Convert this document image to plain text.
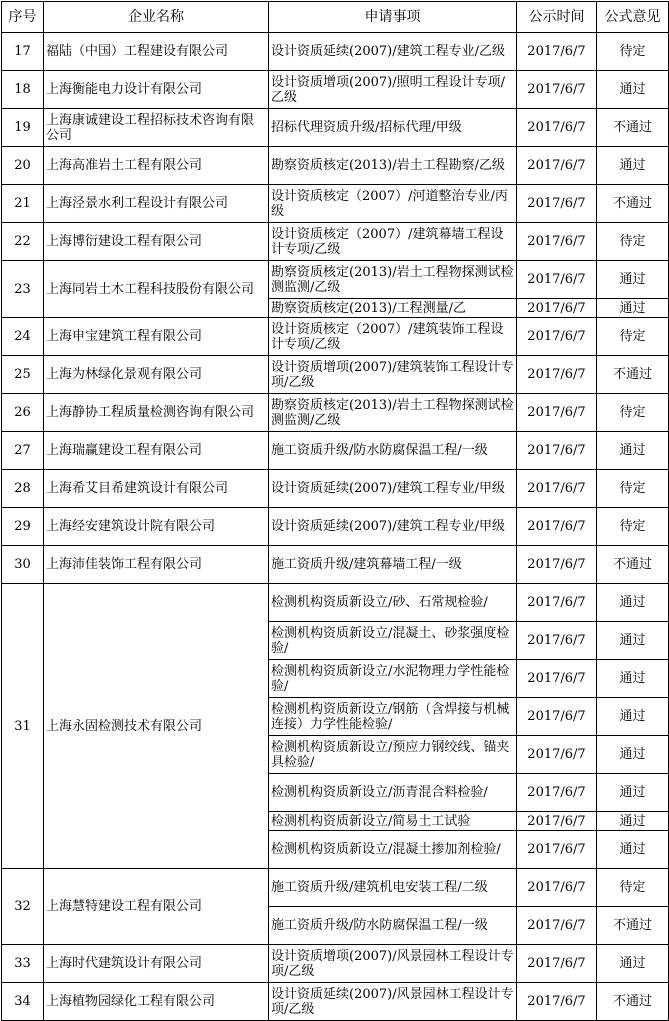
序号	企业名称	申请事项	公示时间	公式意见
17	福陆（中国）工程建设有限公司	设计资质延续(2007)/建筑工程专业/乙级	2017/6/7	待定
18	上海衡能电力设计有限公司	设计资质增项(2007)/照明工程设计专项/乙级	2017/6/7	通过
19	上海康诚建设工程招标技术咨询有限公司	招标代理资质升级/招标代理/甲级	2017/6/7	不通过
20	上海高准岩土工程有限公司	勘察资质核定(2013)/岩土工程勘察/乙级	2017/6/7	通过
21	上海泾景水利工程设计有限公司	设计资质核定（2007）/河道整治专业/丙级	2017/6/7	不通过
22	上海博衍建设工程有限公司	设计资质核定（2007）/建筑幕墙工程设计专项/乙级	2017/6/7	待定
23	上海同岩土木工程科技股份有限公司	勘察资质核定(2013)/岩土工程物探测试检测监测/乙级	2017/6/7	通过

		勘察资质核定(2013)/工程测量/乙	2017/6/7	通过
24	上海申宝建筑工程有限公司	设计资质核定（2007）/建筑装饰工程设计专项/乙级	2017/6/7	待定
25	上海为林绿化景观有限公司	设计资质增项(2007)/建筑装饰工程设计专项/乙级	2017/6/7	不通过
26	上海静协工程质量检测咨询有限公司	勘察资质核定(2013)/岩土工程物探测试检测监测/乙级	2017/6/7	待定
27	上海瑞赢建设工程有限公司	施工资质升级/防水防腐保温工程/一级	2017/6/7	通过
28	上海希艾目希建筑设计有限公司	设计资质延续(2007)/建筑工程专业/甲级	2017/6/7	待定
29	上海经安建筑设计院有限公司	设计资质延续(2007)/建筑工程专业/甲级	2017/6/7	待定
30	上海沛佳装饰工程有限公司	施工资质升级/建筑幕墙工程/一级	2017/6/7	不通过
31	上海永固检测技术有限公司	检测机构资质新设立/砂、石常规检验/	2017/6/7	通过

		检测机构资质新设立/混凝土、砂浆强度检验/	2017/6/7	通过

		检测机构资质新设立/水泥物理力学性能检验/	2017/6/7	通过

		检测机构资质新设立/钢筋（含焊接与机械连接）力学性能检验/	2017/6/7	通过

		检测机构资质新设立/预应力钢绞线、锚夹具检验/	2017/6/7	通过

		检测机构资质新设立/沥青混合料检验/	2017/6/7	通过

		检测机构资质新设立/简易土工试验	2017/6/7	通过

		检测机构资质新设立/混凝土掺加剂检验/	2017/6/7	通过
32	上海慧特建设工程有限公司	施工资质升级/建筑机电安装工程/二级	2017/6/7	待定

		施工资质升级/防水防腐保温工程/一级	2017/6/7	不通过
33	上海时代建筑设计有限公司	设计资质增项(2007)/风景园林工程设计专项/乙级	2017/6/7	通过
34	上海植物园绿化工程有限公司	设计资质延续(2007)/风景园林工程设计专项/乙级	2017/6/7	不通过
